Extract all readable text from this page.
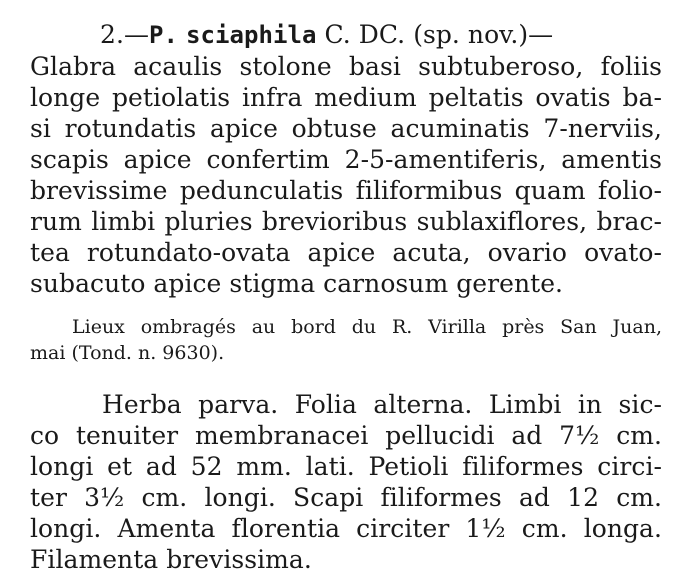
2.—P. sciaphila C. DC. (sp. nov.)—
Glabra acaulis stolone basi subtuberoso, foliis
longe petiolatis infra medium peltatis ovatis ba-
si rotundatis apice obtuse acuminatis 7-nerviis,
scapis apice confertim 2-5-amentiferis, amentis
brevissime pedunculatis filiformibus quam folio-
rum limbi pluries brevioribus sublaxiflores, brac-
tea rotundato-ovata apice acuta, ovario ovato-
subacuto apice stigma carnosum gerente.
Lieux ombragés au bord du R. Virilla près San Juan,
mai (Tond. n. 9630).
Herba parva. Folia alterna. Limbi in sic-
co tenuiter membranacei pellucidi ad 7½ cm.
longi et ad 52 mm. lati. Petioli filiformes circi-
ter 3½ cm. longi. Scapi filiformes ad 12 cm.
longi. Amenta florentia circiter 1½ cm. longa.
Filamenta brevissima.
